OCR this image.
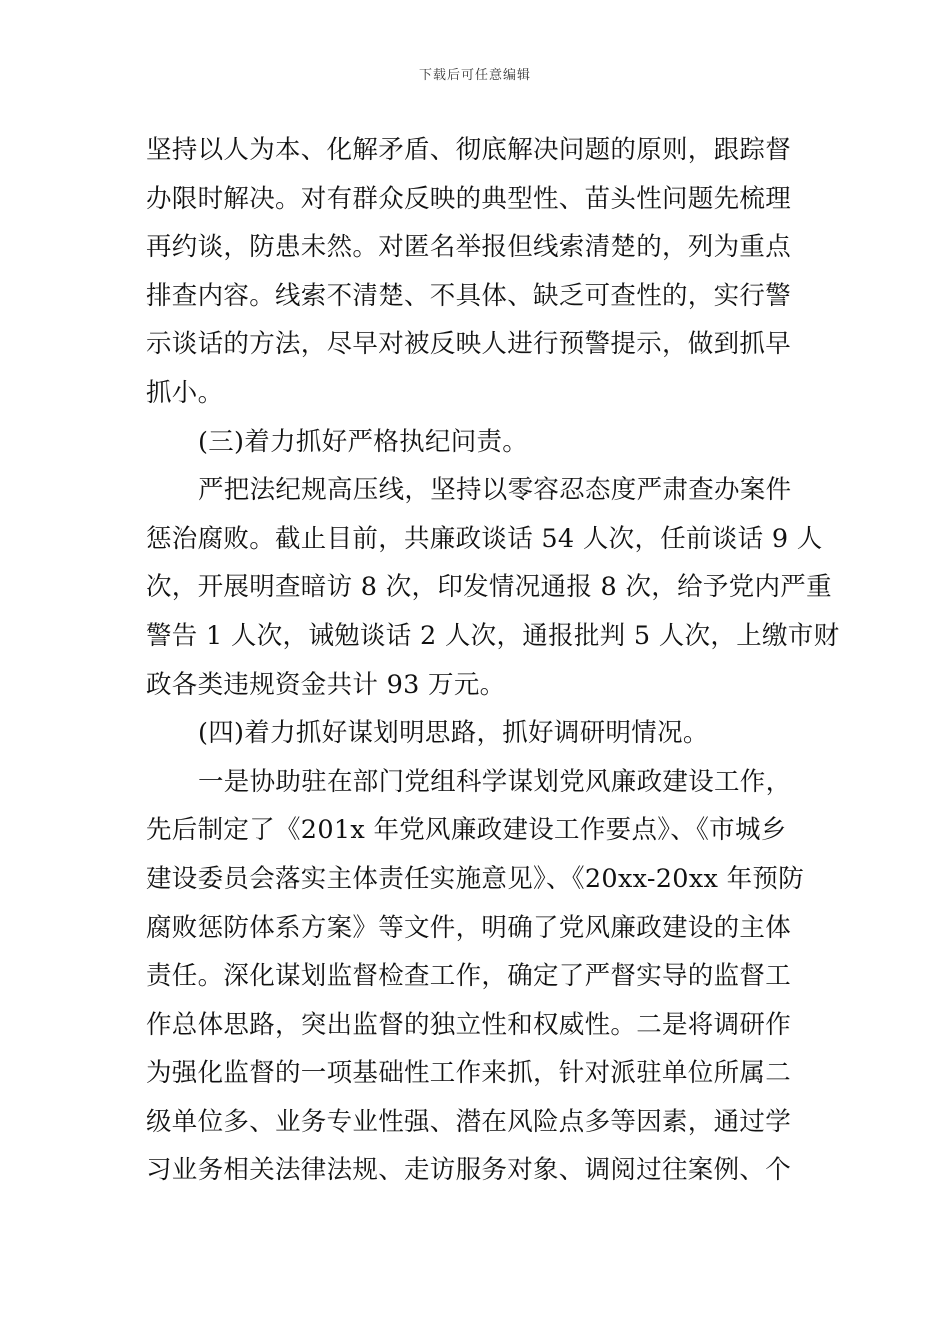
下载后可任意编辑
坚持以人为本、化解矛盾、彻底解决问题的原则，跟踪督
办限时解决。对有群众反映的典型性、苗头性问题先梳理
再约谈，防患未然。对匿名举报但线索清楚的，列为重点
排查内容。线索不清楚、不具体、缺乏可查性的，实行警
示谈话的方法，尽早对被反映人进行预警提示，做到抓早
抓小。
(三)着力抓好严格执纪问责。
严把法纪规高压线，坚持以零容忍态度严肃查办案件
惩治腐败。截止目前，共廉政谈话 54 人次，任前谈话 9 人
次，开展明查暗访 8 次，印发情况通报 8 次，给予党内严重
警告 1 人次，诫勉谈话 2 人次，通报批判 5 人次，上缴市财
政各类违规资金共计 93 万元。
(四)着力抓好谋划明思路，抓好调研明情况。
一是协助驻在部门党组科学谋划党风廉政建设工作，
先后制定了《201x 年党风廉政建设工作要点》、《市城乡
建设委员会落实主体责任实施意见》、《20xx-20xx 年预防
腐败惩防体系方案》等文件，明确了党风廉政建设的主体
责任。深化谋划监督检查工作，确定了严督实导的监督工
作总体思路，突出监督的独立性和权威性。二是将调研作
为强化监督的一项基础性工作来抓，针对派驻单位所属二
级单位多、业务专业性强、潜在风险点多等因素，通过学
习业务相关法律法规、走访服务对象、调阅过往案例、个
